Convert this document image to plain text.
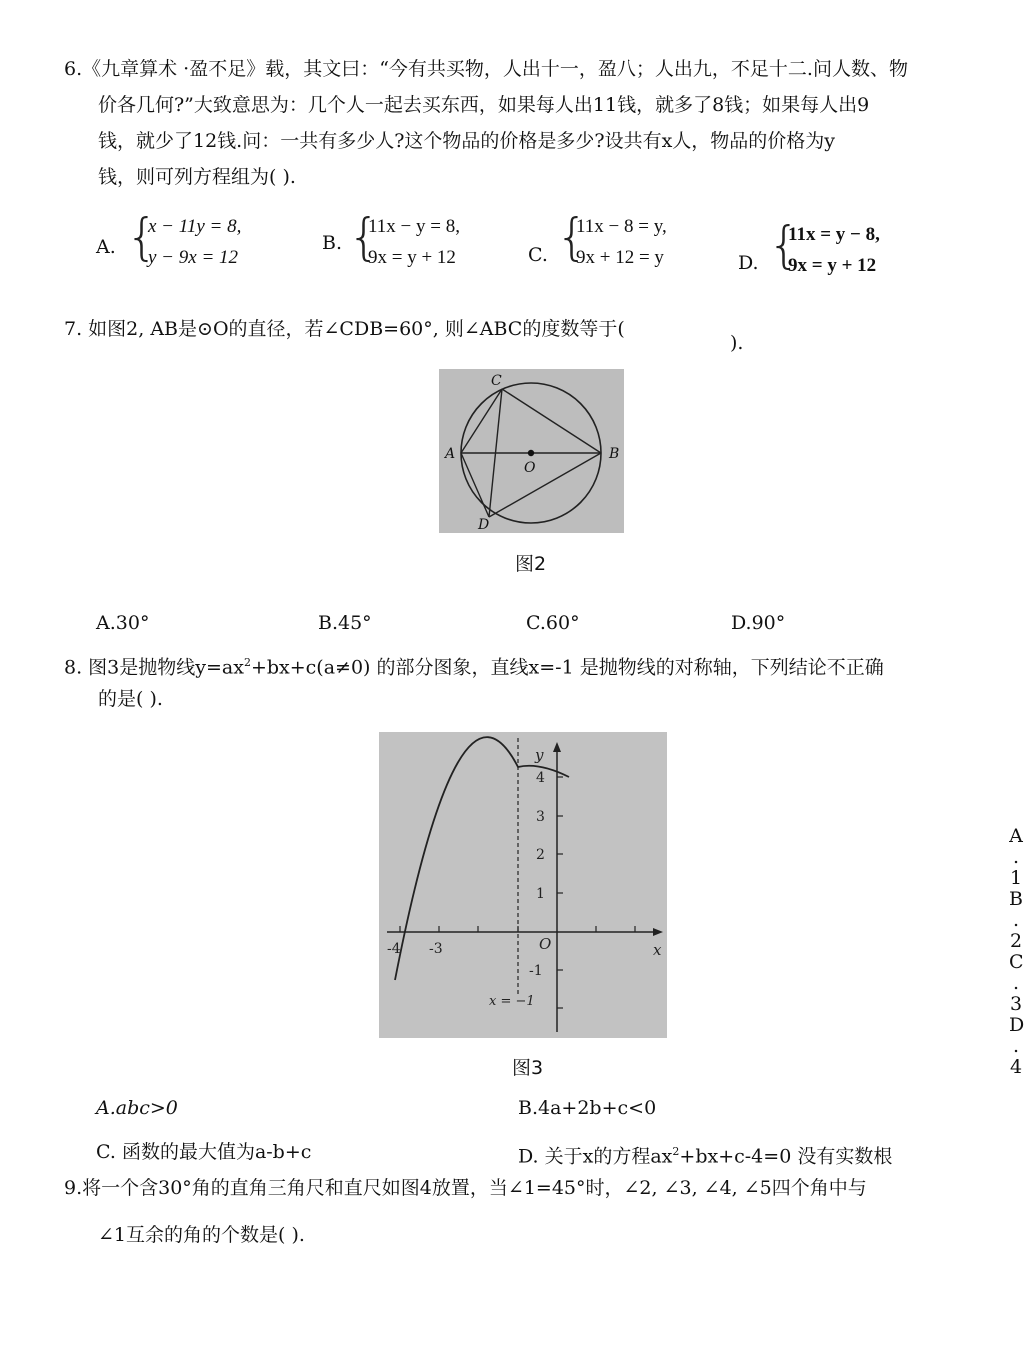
6.《九章算术 ·盈不足》载，其文曰：“今有共买物，人出十一，盈八；人出九，不足十二.问人数、物
价各几何?”大致意思为：几个人一起去买东西，如果每人出11钱，就多了8钱；如果每人出9
钱，就少了12钱.问：一共有多少人?这个物品的价格是多少?设共有x人，物品的价格为y
钱，则可列方程组为( ).
A. {
x − 11y = 8,
y − 9x = 12
B. {
11x − y = 8,
9x = y + 12	C. {
11x − 8 = y,
9x + 12 = y	D. {
11x = y − 8,
9x = y + 12
7. 如图2, AB是⊙O的直径，若∠CDB=60°, 则∠ABC的度数等于(
).
C
A	B
O
D
图2
A.30°	B.45°	C.60°	D.90°
8. 图3是抛物线$y=ax^2+bx+c(a\ne 0)$ 的部分图象，直线x=-1 是抛物线的对称轴，下列结论不正确
的是( ).
-4 -3
4
3
2
1
-1
O	x
y
x = −1
图3
A.abc>0	B.4a+2b+c<0
C. 函数的最大值为a-b+c	D. 关于x的方程$ax^2+bx+c-4=0$ 没有实数根
A
.
1
B
.
2
C
.
3
D
.
4
9.将一个含30°角的直角三角尺和直尺如图4放置，当∠1=45°时，∠2, ∠3, ∠4, ∠5四个角中与
∠1互余的角的个数是( ).
